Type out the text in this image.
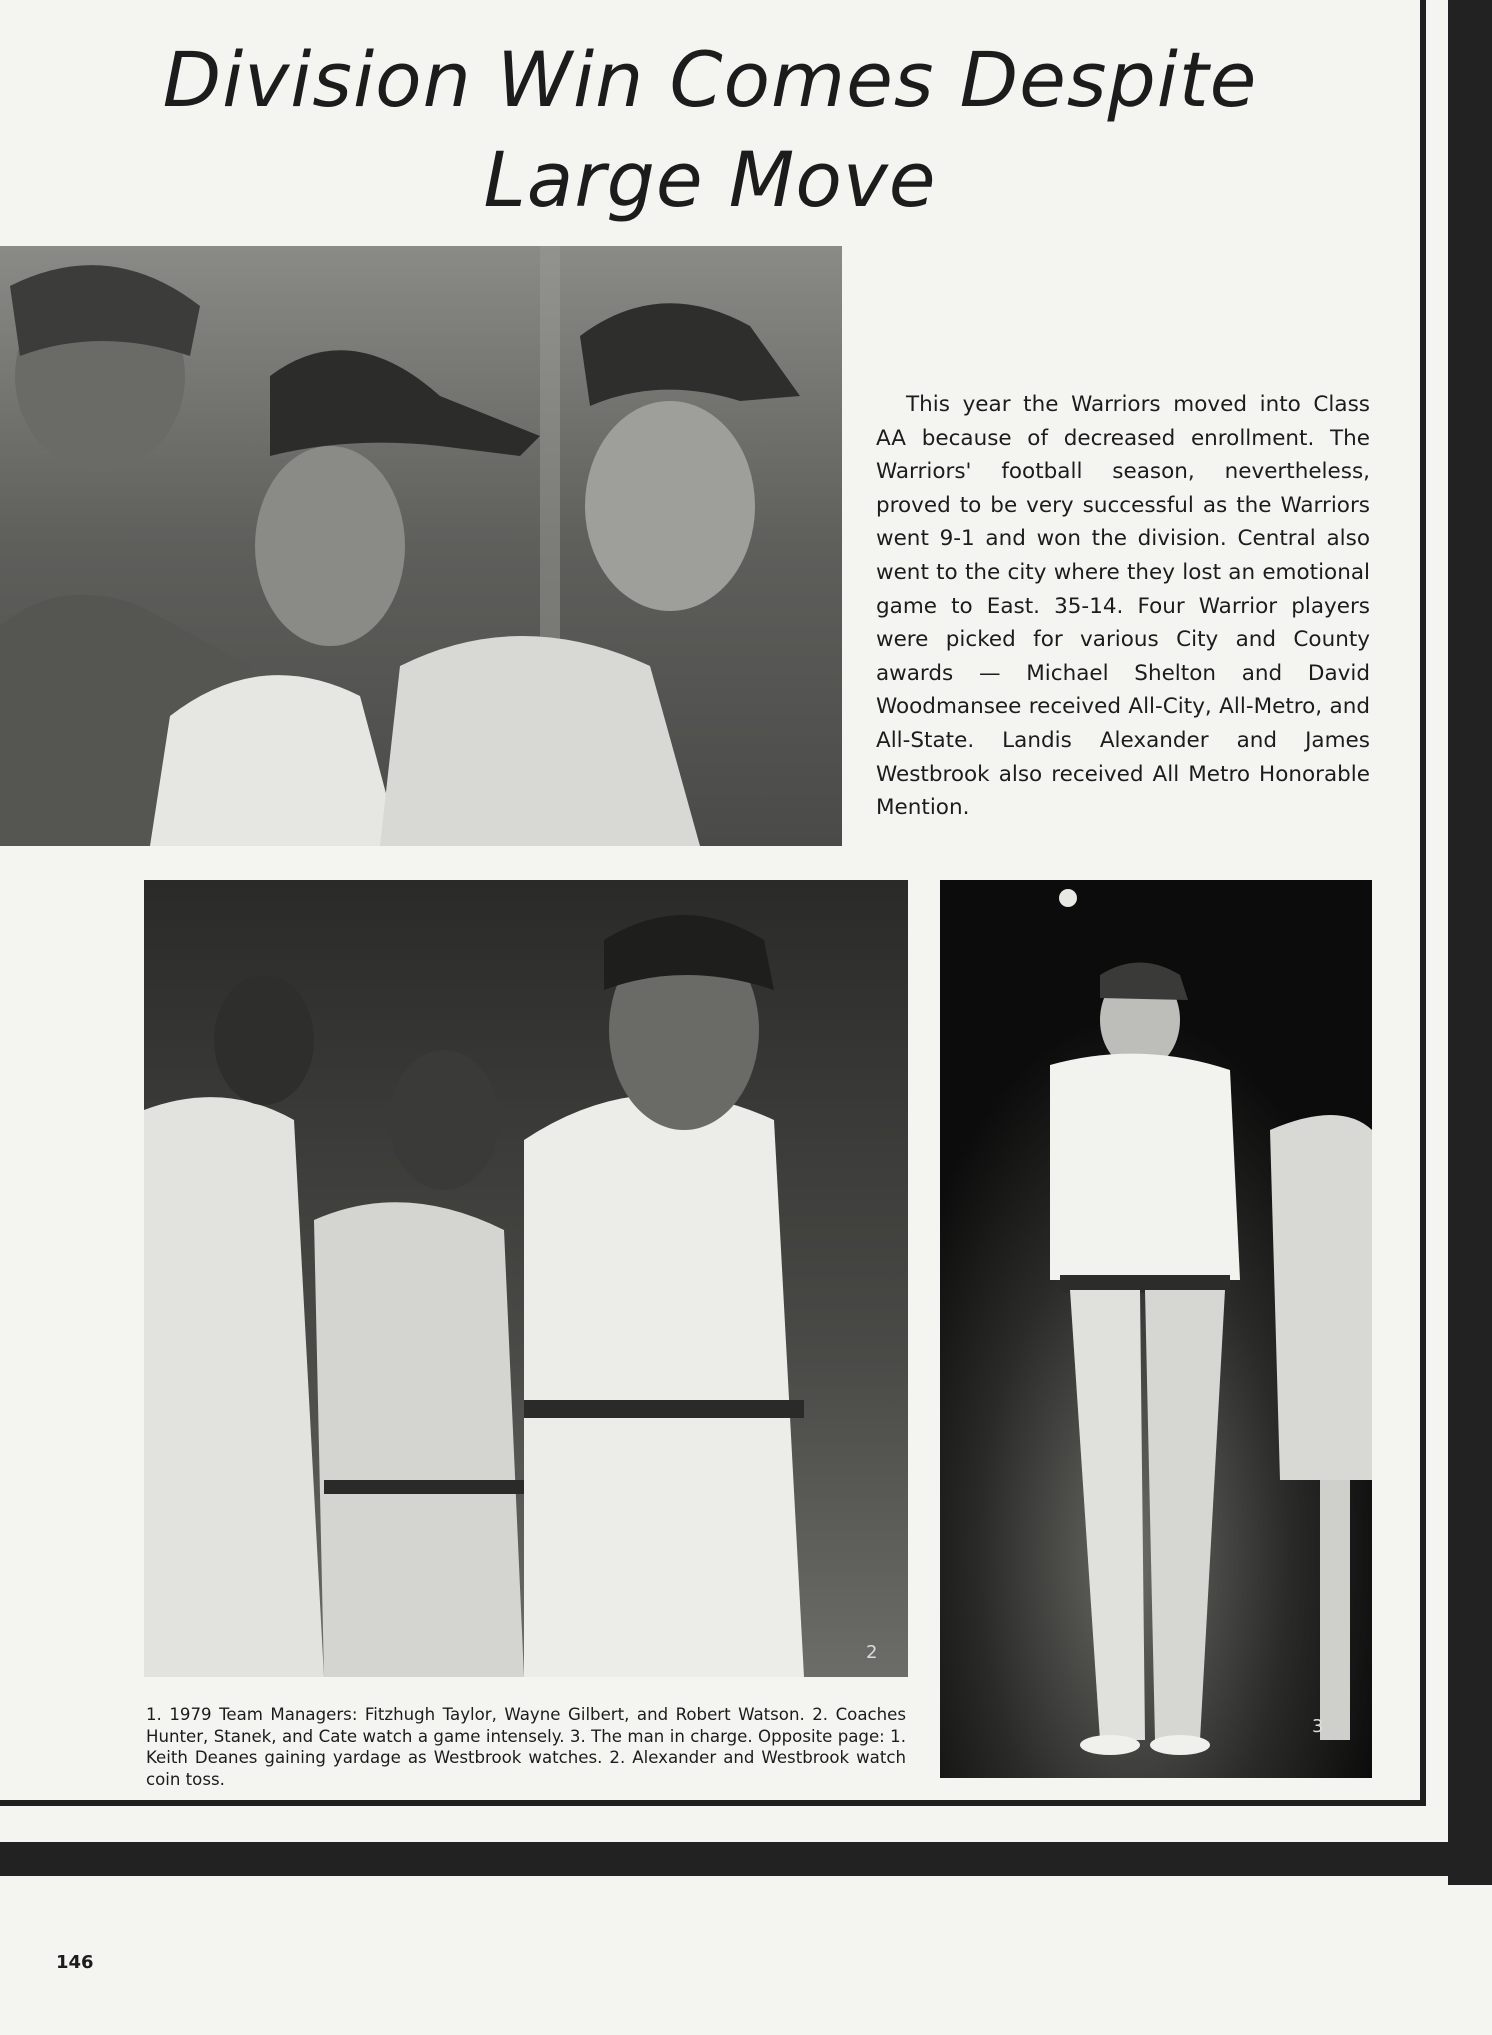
Division Win Comes Despite Large Move

This year the Warriors moved into Class AA because of decreased enrollment. The Warriors' football season, nevertheless, proved to be very successful as the Warriors went 9-1 and won the division. Central also went to the city where they lost an emotional game to East. 35-14. Four Warrior players were picked for various City and County awards — Michael Shelton and David Woodmansee received All-City, All-Metro, and All-State. Landis Alexander and James Westbrook also received All Metro Honorable Mention.

2
3

1. 1979 Team Managers: Fitzhugh Taylor, Wayne Gilbert, and Robert Watson. 2. Coaches Hunter, Stanek, and Cate watch a game intensely. 3. The man in charge. Opposite page: 1. Keith Deanes gaining yardage as Westbrook watches. 2. Alexander and Westbrook watch coin toss.

146
